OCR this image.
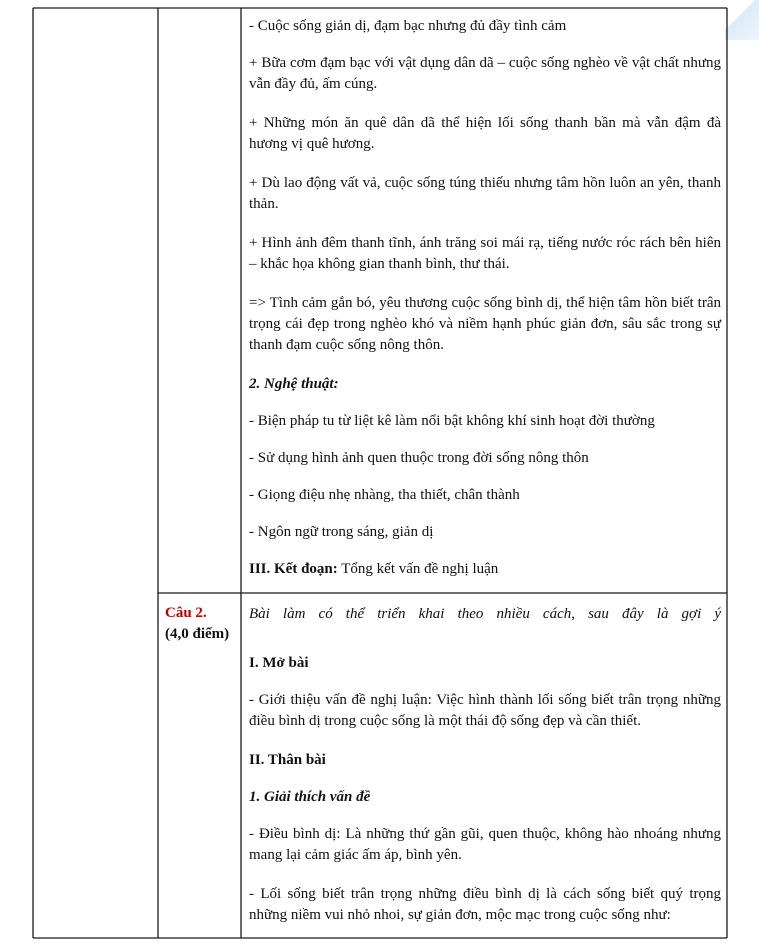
- Cuộc sống giản dị, đạm bạc nhưng đủ đầy tình cảm

+ Bữa cơm đạm bạc với vật dụng dân dã – cuộc sống nghèo về vật chất nhưng vẫn đầy đủ, ấm cúng.

+ Những món ăn quê dân dã thể hiện lối sống thanh bần mà vẫn đậm đà hương vị quê hương.

+ Dù lao động vất vả, cuộc sống túng thiếu nhưng tâm hồn luôn an yên, thanh thản.

+ Hình ảnh đêm thanh tĩnh, ánh trăng soi mái rạ, tiếng nước róc rách bên hiên – khắc họa không gian thanh bình, thư thái.

=> Tình cảm gắn bó, yêu thương cuộc sống bình dị, thể hiện tâm hồn biết trân trọng cái đẹp trong nghèo khó và niềm hạnh phúc giản đơn, sâu sắc trong sự thanh đạm cuộc sống nông thôn.

2. Nghệ thuật:

- Biện pháp tu từ liệt kê làm nổi bật không khí sinh hoạt đời thường

- Sử dụng hình ảnh quen thuộc trong đời sống nông thôn

- Giọng điệu nhẹ nhàng, tha thiết, chân thành

- Ngôn ngữ trong sáng, giản dị

III. Kết đoạn: Tổng kết vấn đề nghị luận

Câu 2.
(4,0 điểm)

Bài làm có thể triển khai theo nhiều cách, sau đây là gợi ý

I. Mở bài

- Giới thiệu vấn đề nghị luận: Việc hình thành lối sống biết trân trọng những điều bình dị trong cuộc sống là một thái độ sống đẹp và cần thiết.

II. Thân bài

1. Giải thích vấn đề

- Điều bình dị: Là những thứ gần gũi, quen thuộc, không hào nhoáng nhưng mang lại cảm giác ấm áp, bình yên.

- Lối sống biết trân trọng những điều bình dị là cách sống biết quý trọng những niềm vui nhỏ nhoi, sự giản đơn, mộc mạc trong cuộc sống như:
